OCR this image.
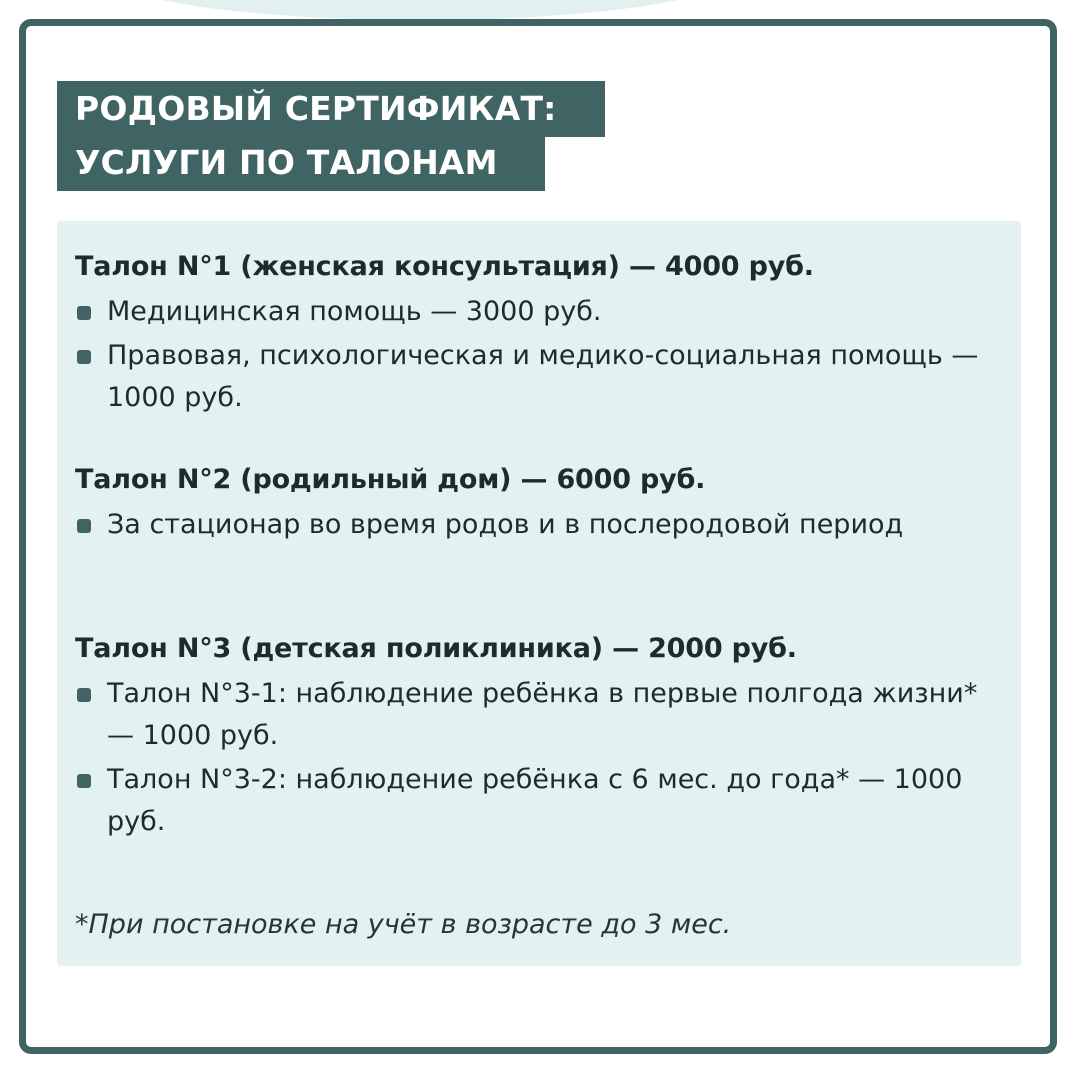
РОДОВЫЙ СЕРТИФИКАТ:
УСЛУГИ ПО ТАЛОНАМ
Талон N°1 (женская консультация) — 4000 руб.
Медицинская помощь — 3000 руб.
Правовая, психологическая и медико-социальная помощь — 1000 руб.
Талон N°2 (родильный дом) — 6000 руб.
За стационар во время родов и в послеродовой период
Талон N°3 (детская поликлиника) — 2000 руб.
Талон N°3-1: наблюдение ребёнка в первые полгода жизни* — 1000 руб.
Талон N°3-2: наблюдение ребёнка с 6 мес. до года* — 1000 руб.
*При постановке на учёт в возрасте до 3 мес.
